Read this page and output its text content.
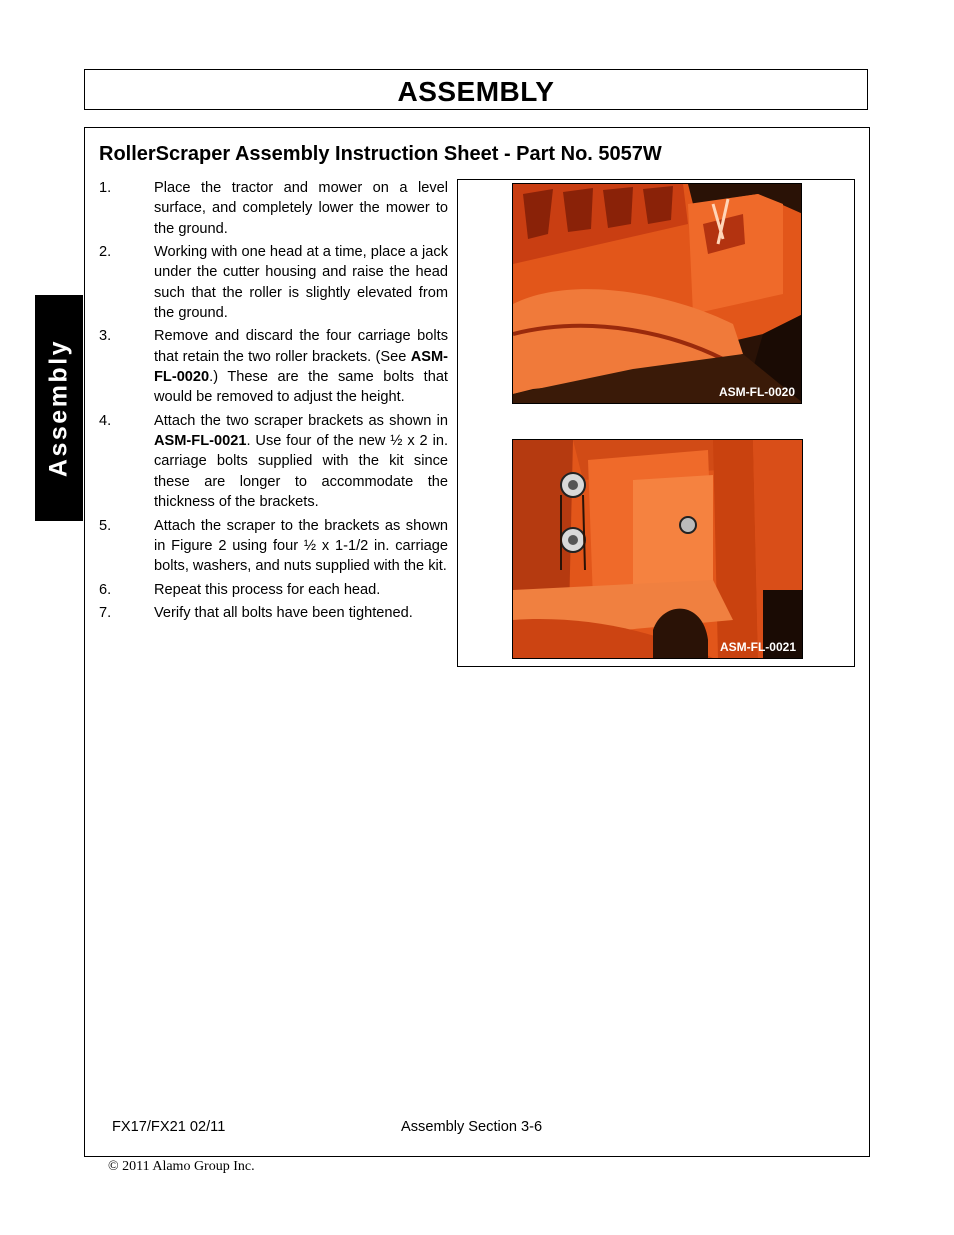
ASSEMBLY
Assembly
RollerScraper Assembly Instruction Sheet - Part No. 5057W
1.	Place the tractor and mower on a level surface, and completely lower the mower to the ground.
2.	Working with one head at a time, place a jack under the cutter housing and raise the head such that the roller is slightly elevated from the ground.
3.	Remove and discard the four carriage bolts that retain the two roller brackets. (See ASM-FL-0020.) These are the same bolts that would be removed to adjust the height.
4.	Attach the two scraper brackets as shown in ASM-FL-0021. Use four of the new ½ x 2 in. carriage bolts supplied with the kit since these are longer to accommodate the thickness of the brackets.
5.	Attach the scraper to the brackets as shown in Figure 2 using four ½ x 1-1/2 in. carriage bolts, washers, and nuts supplied with the kit.
6.	Repeat this process for each head.
7.	Verify that all bolts have been tightened.
ASM-FL-0020
ASM-FL-0021
FX17/FX21 02/11	Assembly Section 3-6
© 2011 Alamo Group Inc.
